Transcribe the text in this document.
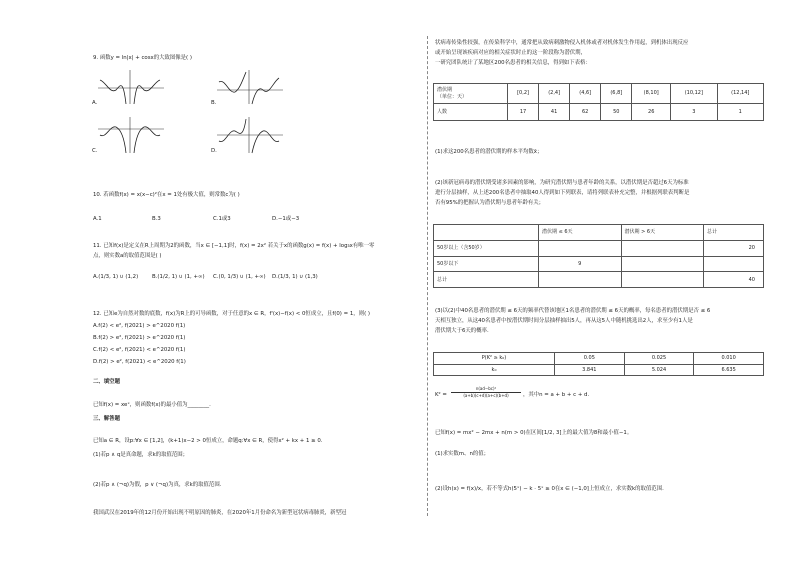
9. 函数y = ln|x| + cosx的大致图像是( )
A.	B.
C.	D.
10. 若函数f(x) = x(x−c)²在x = 1处有极大值，则常数c为( )
A.1	B.3	C.1或3	D.−1或−3
11. 已知f(x)是定义在R上周期为2的函数，当x ∈ [−1,1]时，f(x) = 2x² 若关于x的函数g(x) = f(x) + log₃x有唯一零
点，则实数a的取值范围是( )
A.(1/3, 1) ∪ (1,2)	B.(1/2, 1) ∪ (1, +∞) C.(0, 1/3) ∪ (1, +∞) D.(1/3, 1) ∪ (1,3)
12. 已知e为自然对数的底数，f(x)为R上的可导函数，对于任意的x ∈ R，f'(x)−f(x) < 0恒成立，且f(0) = 1，则( )
A.f(2) < e², f(2021) > e^2020 f(1)
B.f(2) > e², f(2021) > e^2020 f(1)
C.f(2) < e², f(2021) < e^2020 f(1)
D.f(2) > e², f(2021) < e^2020 f(1)
二、填空题
已知f(x) = xeˣ，则函数f(x)的最小值为________.
三、解答题
已知a ∈ R，设p:∀x ∈ [1,2]，(k+1)x−2 > 0恒成立，命题q:∀x ∈ R，使得x² + kx + 1 ≥ 0.
(1)若p ∧ q是真命题，求k的取值范围；
(2)若p ∧ (¬q)为假，p ∨ (¬q)为真，求k的取值范围.
我国武汉在2019年的12月份开始出现不明原因的肺炎，在2020年1月份命名为新型冠状病毒肺炎，新型冠
状病毒传染性较强，在传染科学中，通常把从致病刺激物侵入机体或者对机体发生作用起，到机体出现反应
或开始呈现该疾病对应的相关症状时止的这一阶段称为潜伏期，
一研究团队统计了某地区200名患者的相关信息，得到如下表格：
潜伏期
（单位：天）	[0,2]	(2,4]	(4,6]	(6,8]	(8,10]	(10,12]	(12,14]
人数	17	41	62	50	26	3	1
(1)求这200名患者的潜伏期的样本平均数x̄；
(2)该新冠病毒的潜伏期受诸多因素的影响，为研究潜伏期与患者年龄的关系，以潜伏期是否超过6天为标准
进行分层抽样，从上述200名患者中抽取40人得到如下列联表，请将列联表补充完整，并根据列联表判断是
否有95%的把握认为潜伏期与患者年龄有关；
	潜伏期 ≤ 6天	潜伏期 > 6天	总计
50岁以上（含50岁）			20
50岁以下	9		
总计			40
(3)以(2)中40名患者的潜伏期 ≤ 6天的频率代替该地区1名患者的潜伏期 ≤ 6天的概率，每名患者的潜伏期是否 ≤ 6
天相互独立，从这40名患者中按潜伏期时间分层抽样抽出5人，再从这5人中随机挑选出2人，求至少有1人是
潜伏期大于6天的概率.
P(K² ≥ k₀)	0.05	0.025	0.010
k₀	3.841	5.024	6.635
K² =
n(ad−bc)²
(a+b)(c+d)(a+c)(b+d)	，其中n = a + b + c + d.
已知f(x) = mx² − 2mx + n(m > 0)在区间[1/2, 3]上的最大值为8和最小值−1。
(1)求实数m、n的值；
(2)设h(x) = f(x)/x，若不等式h(5ˣ) − k · 5ˣ ≥ 0在x ∈ (−1,0]上恒成立，求实数k的取值范围.
